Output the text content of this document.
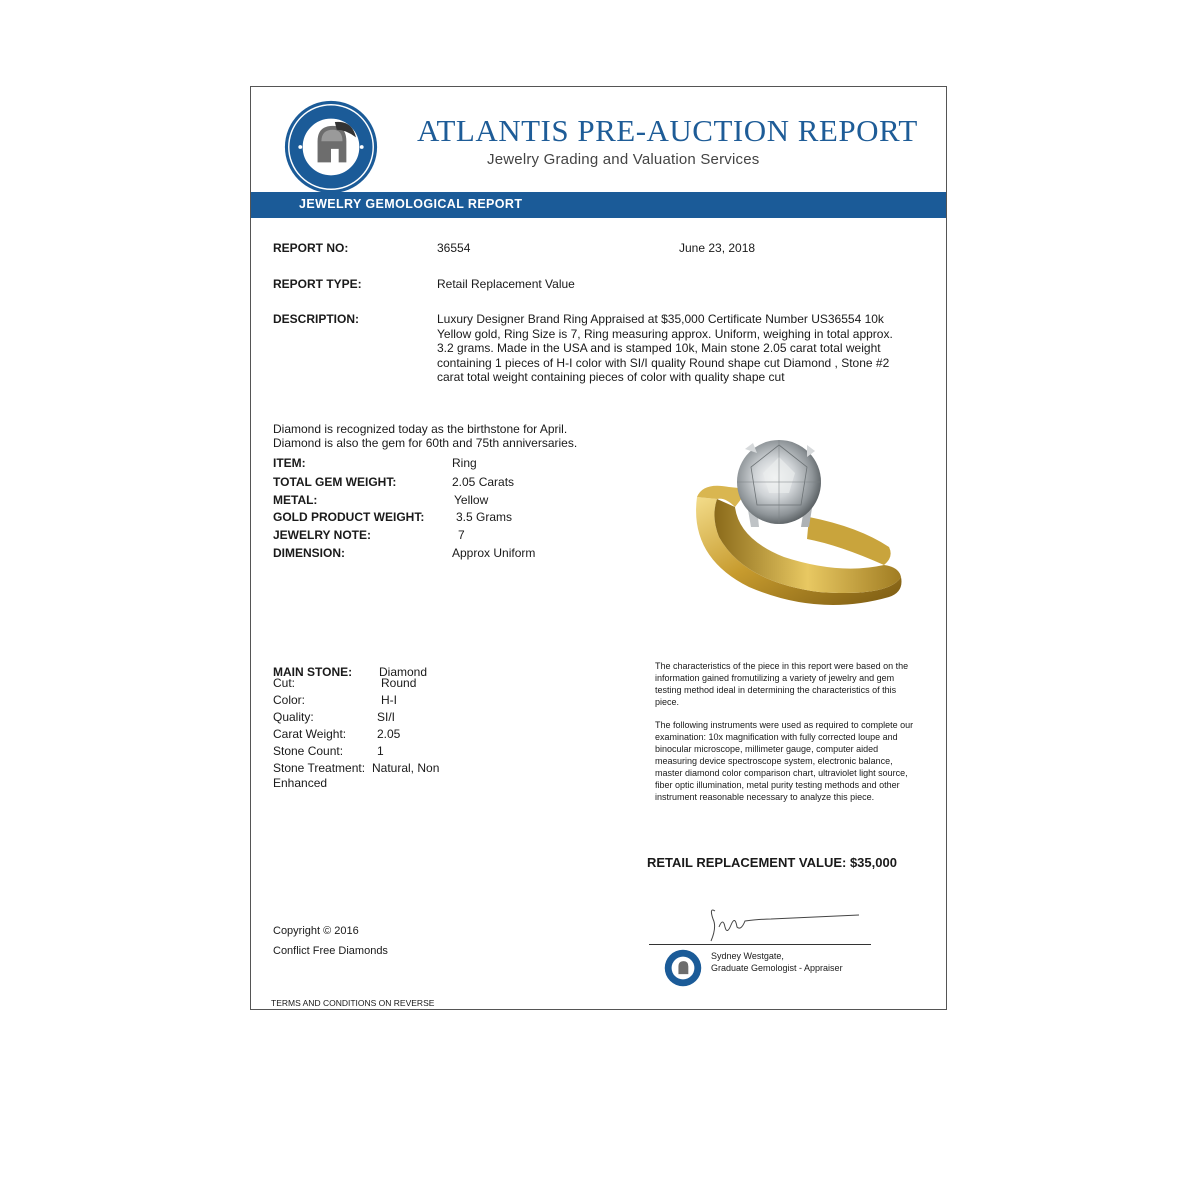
ATLANTIS PRE-AUCTION REPORT
Jewelry Grading and Valuation Services
JEWELRY GEMOLOGICAL REPORT
REPORT NO:	36554	June 23, 2018
REPORT TYPE:	Retail Replacement Value
DESCRIPTION:	Luxury Designer Brand Ring Appraised at $35,000 Certificate Number US36554 10k Yellow gold, Ring Size is 7, Ring measuring approx. Uniform, weighing in total approx. 3.2 grams. Made in the USA and is stamped 10k, Main stone 2.05 carat total weight containing 1 pieces of H-I color with SI/I quality Round shape cut Diamond , Stone #2 carat total weight containing pieces of color with quality shape cut
Diamond is recognized today as the birthstone for April.
Diamond is also the gem for 60th and 75th anniversaries.
ITEM:	Ring
TOTAL GEM WEIGHT:	2.05 Carats
METAL:	Yellow
GOLD PRODUCT WEIGHT:	3.5 Grams
JEWELRY NOTE:	7
DIMENSION:	Approx Uniform
MAIN STONE: Diamond
Cut:	Round
Color:	H-I
Quality:	SI/I
Carat Weight:	2.05
Stone Count:	1
Stone Treatment: Natural, Non
Enhanced
The characteristics of the piece in this report were based on the information gained fromutilizing a variety of jewelry and gem testing method ideal in determining the characteristics of this piece.
The following instruments were used as required to complete our examination: 10x magnification with fully corrected loupe and binocular microscope, millimeter gauge, computer aided measuring device spectroscope system, electronic balance, master diamond color comparison chart, ultraviolet light source, fiber optic illumination, metal purity testing methods and other instrument reasonable necessary to analyze this piece.
RETAIL REPLACEMENT VALUE: $35,000
Copyright © 2016
Conflict Free Diamonds	Sydney Westgate,
Graduate Gemologist - Appraiser
TERMS AND CONDITIONS ON REVERSE
